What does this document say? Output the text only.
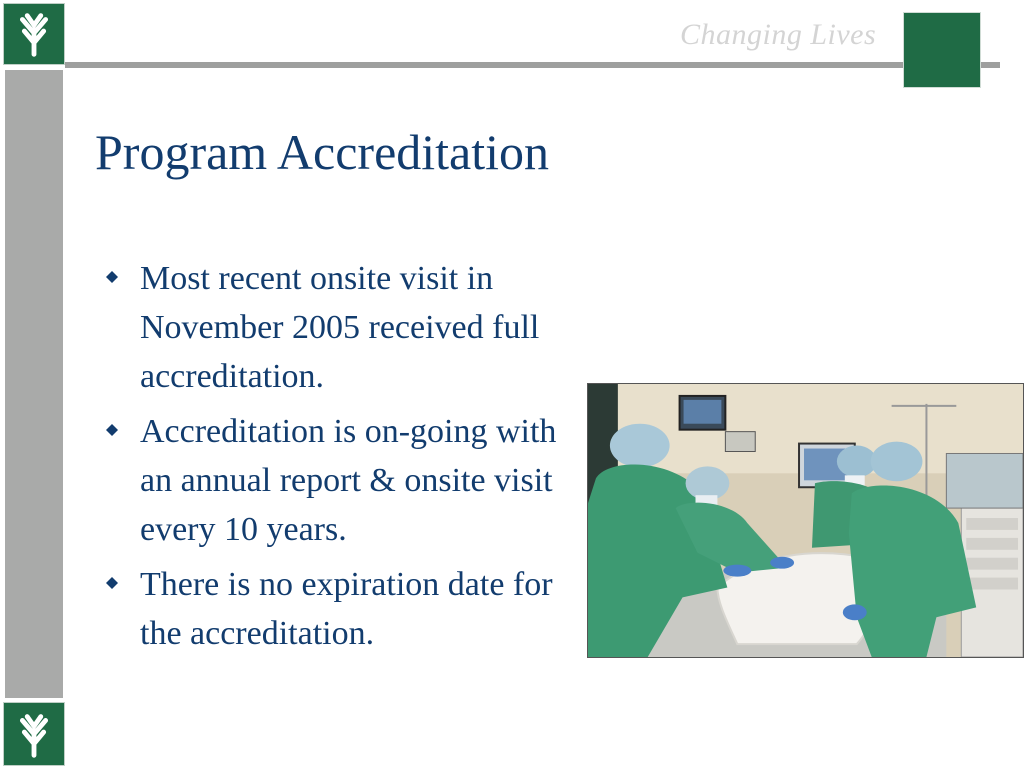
Changing Lives
Program Accreditation
Most recent onsite visit in November 2005 received full accreditation.
Accreditation is on-going with an annual report & onsite visit every 10 years.
There is no expiration date for the accreditation.
